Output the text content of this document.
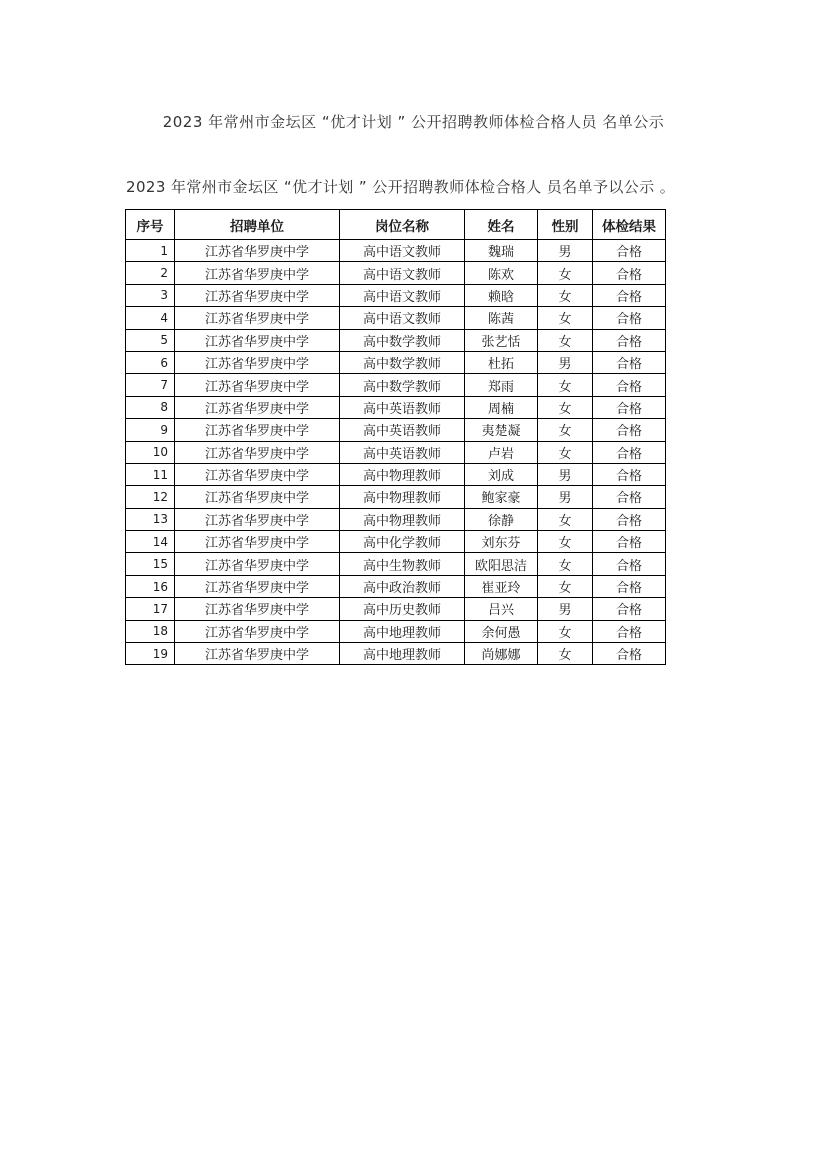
2023 年常州市金坛区 “优才计划 ” 公开招聘教师体检合格人员 名单公示
2023 年常州市金坛区 “优才计划 ” 公开招聘教师体检合格人 员名单予以公示 。
序号	招聘单位	岗位名称	姓名	性别	体检结果
1	江苏省华罗庚中学	高中语文教师	魏瑞	男	合格
2	江苏省华罗庚中学	高中语文教师	陈欢	女	合格
3	江苏省华罗庚中学	高中语文教师	赖晗	女	合格
4	江苏省华罗庚中学	高中语文教师	陈茜	女	合格
5	江苏省华罗庚中学	高中数学教师	张艺恬	女	合格
6	江苏省华罗庚中学	高中数学教师	杜拓	男	合格
7	江苏省华罗庚中学	高中数学教师	郑雨	女	合格
8	江苏省华罗庚中学	高中英语教师	周楠	女	合格
9	江苏省华罗庚中学	高中英语教师	夷楚凝	女	合格
10	江苏省华罗庚中学	高中英语教师	卢岩	女	合格
11	江苏省华罗庚中学	高中物理教师	刘成	男	合格
12	江苏省华罗庚中学	高中物理教师	鲍家豪	男	合格
13	江苏省华罗庚中学	高中物理教师	徐静	女	合格
14	江苏省华罗庚中学	高中化学教师	刘东芬	女	合格
15	江苏省华罗庚中学	高中生物教师	欧阳思洁	女	合格
16	江苏省华罗庚中学	高中政治教师	崔亚玲	女	合格
17	江苏省华罗庚中学	高中历史教师	吕兴	男	合格
18	江苏省华罗庚中学	高中地理教师	余何愚	女	合格
19	江苏省华罗庚中学	高中地理教师	尚娜娜	女	合格
